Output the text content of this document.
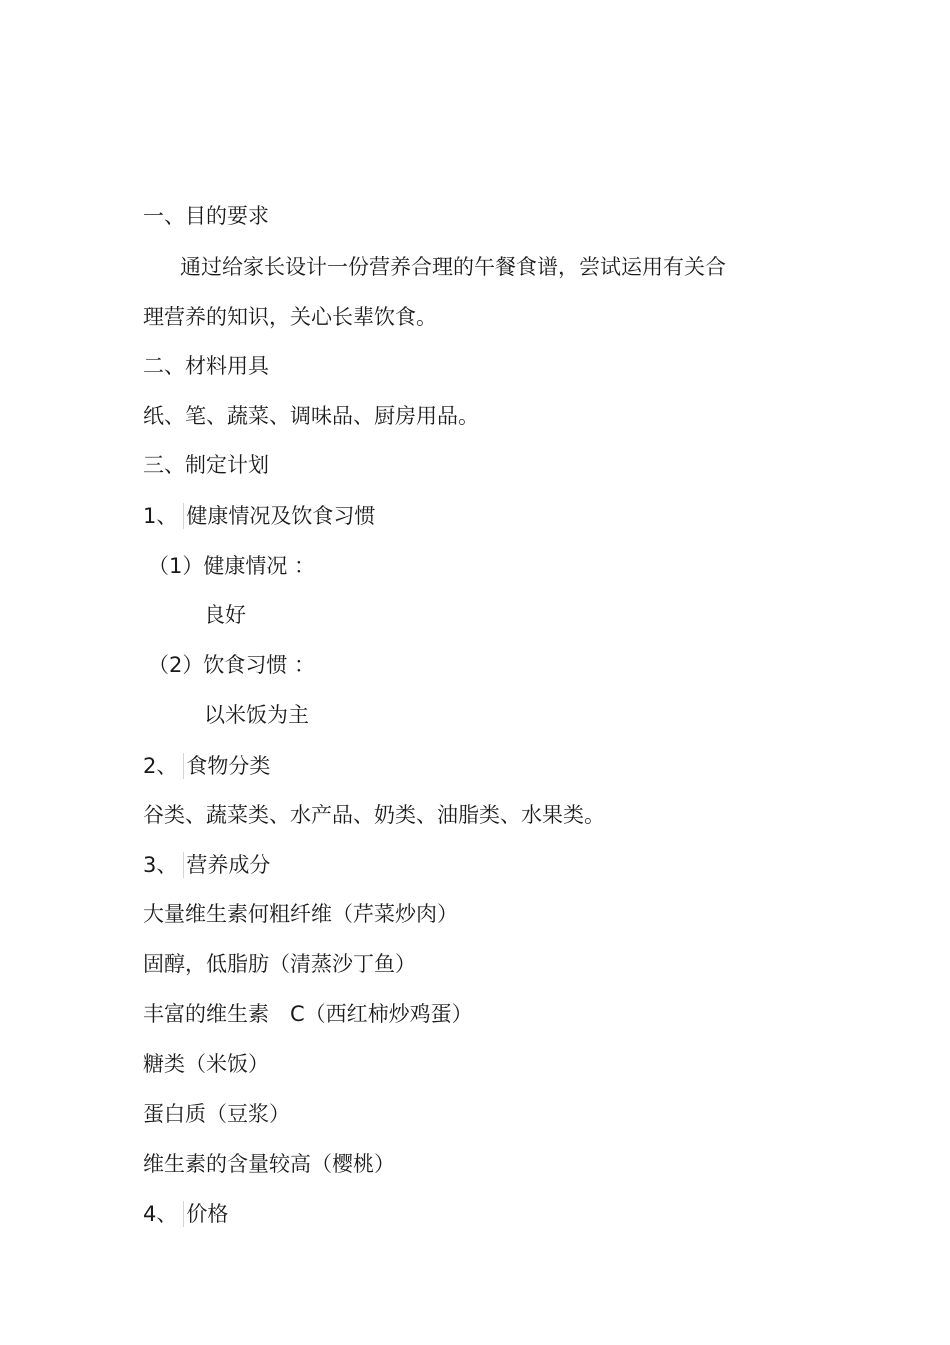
一、目的要求
通过给家长设计一份营养合理的午餐食谱，尝试运用有关合
理营养的知识，关心长辈饮食。
二、材料用具
纸、笔、蔬菜、调味品、厨房用品。
三、制定计划
1、 健康情况及饮食习惯
（1）健康情况 ：
良好
（2）饮食习惯 ：
以米饭为主
2、 食物分类
谷类、蔬菜类、水产品、奶类、油脂类、水果类。
3、 营养成分
大量维生素何粗纤维（芹菜炒肉）
固醇，低脂肪（清蒸沙丁鱼）
丰富的维生素　C（西红柿炒鸡蛋）
糖类（米饭）
蛋白质（豆浆）
维生素的含量较高（樱桃）
4、 价格
